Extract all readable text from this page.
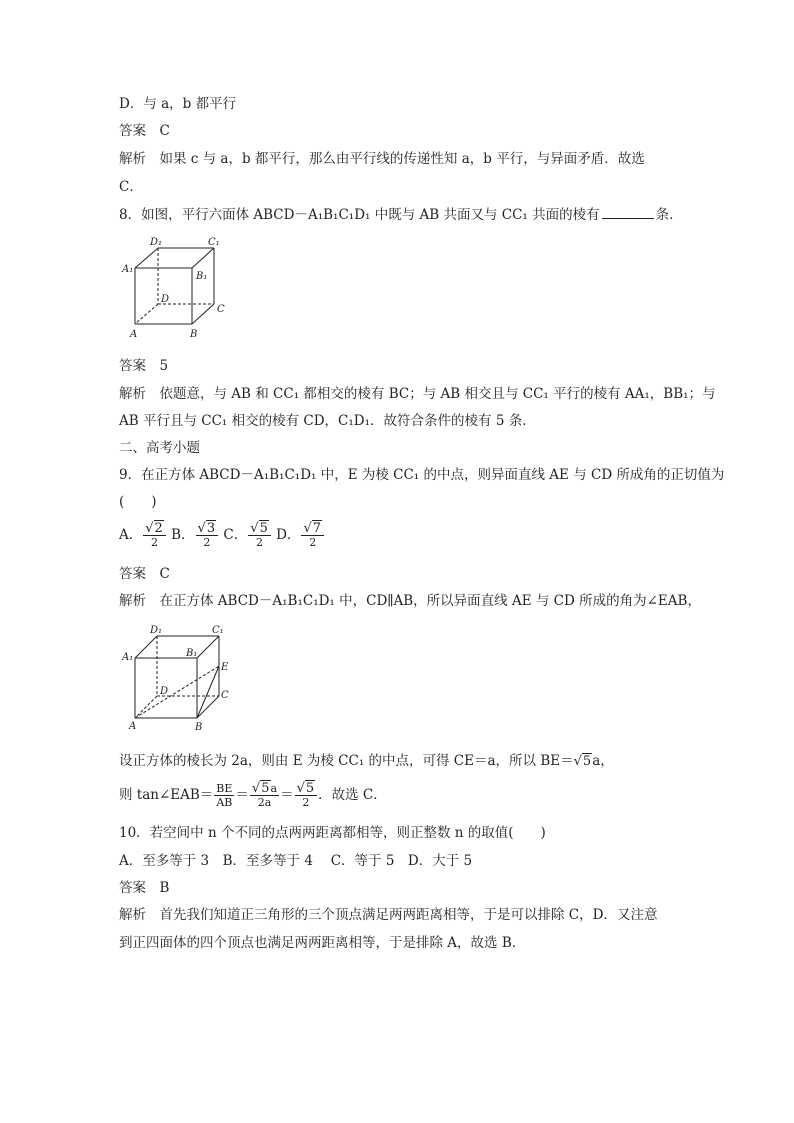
D．与 a，b 都平行
答案　C
解析　如果 c 与 a，b 都平行，那么由平行线的传递性知 a，b 平行，与异面矛盾．故选
C．
8．如图，平行六面体 ABCD－A₁B₁C₁D₁ 中既与 AB 共面又与 CC₁ 共面的棱有	条．
D₁	C₁
A₁
B₁
D
C
A	B
答案　5
解析　依题意，与 AB 和 CC₁ 都相交的棱有 BC；与 AB 相交且与 CC₁ 平行的棱有 AA₁，BB₁；与
AB 平行且与 CC₁ 相交的棱有 CD，C₁D₁．故符合条件的棱有 5 条．
二、高考小题
9．在正方体 ABCD－A₁B₁C₁D₁ 中，E 为棱 CC₁ 的中点，则异面直线 AE 与 CD 所成角的正切值为
(　　)
A． $\frac{√2}{2}$ B． $\frac{√3}{2}$ C． $\frac{√5}{2}$ D． $\frac{√7}{2}$
答案　C
解析　在正方体 ABCD－A₁B₁C₁D₁ 中，CD∥AB，所以异面直线 AE 与 CD 所成的角为∠EAB，
D₁	C₁
A₁	B₁
E
D	C
A	B
设正方体的棱长为 2a，则由 E 为棱 CC₁ 的中点，可得 CE＝a，所以 BE＝√5a，
则 tan∠EAB＝ $\frac{BE}{AB} = \frac{√5a}{2a} = \frac{√5}{2}$ ．故选 C．
10．若空间中 n 个不同的点两两距离都相等，则正整数 n 的取值(　　)
A．至多等于 3　B．至多等于 4　 C．等于 5　D．大于 5
答案　B
解析　首先我们知道正三角形的三个顶点满足两两距离相等，于是可以排除 C，D．又注意
到正四面体的四个顶点也满足两两距离相等，于是排除 A，故选 B．
